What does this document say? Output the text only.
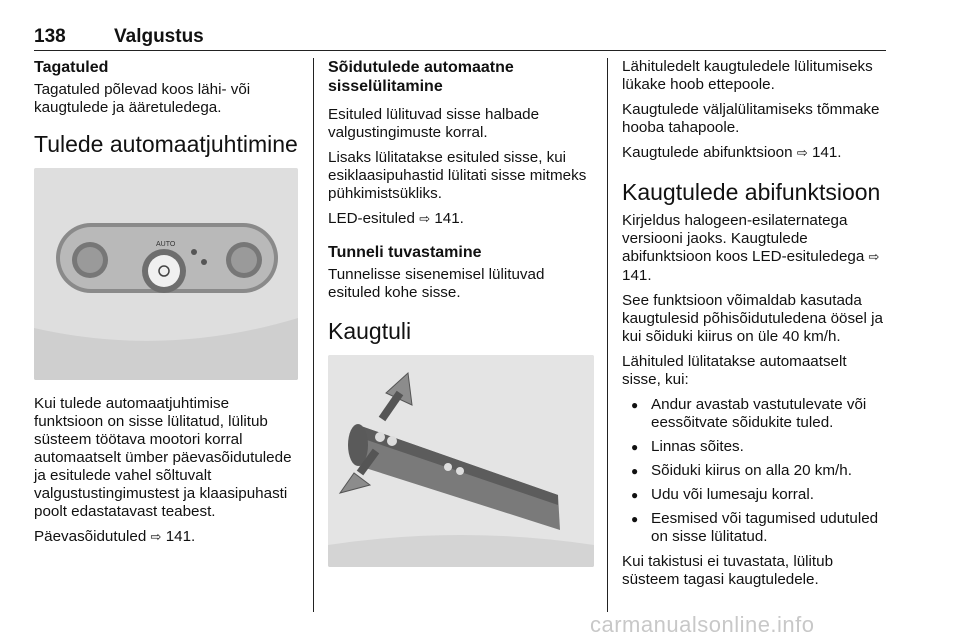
138	Valgustus
Tagatuled

Tagatuled põlevad koos lähi- või kaugtulede ja ääretuledega.

Tulede automaatjuhtimine
AUTO

Kui tulede automaatjuhtimise funktsioon on sisse lülitatud, lülitub süsteem töötava mootori korral automaatselt ümber päevasõidutulede ja esitulede vahel sõltuvalt valgustustingimustest ja klaasipuhasti poolt edastatavast teabest.

Päevasõidutuled ⇨ 141.

Sõidutulede automaatne sisselülitamine

Esituled lülituvad sisse halbade valgustingimuste korral.

Lisaks lülitatakse esituled sisse, kui esiklaasipuhastid lülitati sisse mitmeks pühkimistsükliks.

LED-esituled ⇨ 141.

Tunneli tuvastamine

Tunnelisse sisenemisel lülituvad esituled kohe sisse.

Kaugtuli

Lähituledelt kaugtuledele lülitumiseks lükake hoob ettepoole.

Kaugtulede väljalülitamiseks tõmmake hooba tahapoole.

Kaugtulede abifunktsioon ⇨ 141.

Kaugtulede abifunktsioon

Kirjeldus halogeen-esilaternatega versiooni jaoks. Kaugtulede abifunktsioon koos LED-esituledega ⇨ 141.

See funktsioon võimaldab kasutada kaugtulesid põhisõidutuledena öösel ja kui sõiduki kiirus on üle 40 km/h.

Lähituled lülitatakse automaatselt sisse, kui:

● Andur avastab vastutulevate või eessõitvate sõidukite tuled.
● Linnas sõites.
● Sõiduki kiirus on alla 20 km/h.
● Udu või lumesaju korral.
● Eesmised või tagumised udutuled on sisse lülitatud.

Kui takistusi ei tuvastata, lülitub süsteem tagasi kaugtuledele.

carmanualsonline.info
